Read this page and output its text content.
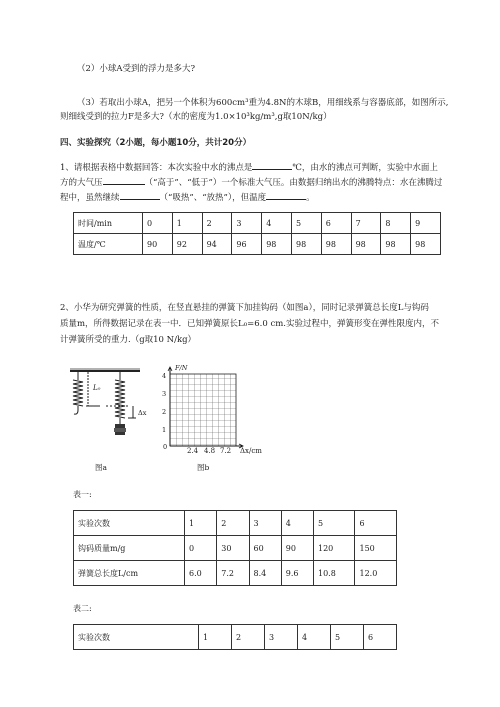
（2）小球A受到的浮力是多大?
（3）若取出小球A，把另一个体积为600cm³重为4.8N的木球B，用细线系与容器底部，如图所示,
则细线受到的拉力F是多大?（水的密度为1.0×10³kg/m³,g取10N/kg）
四、实验探究（2小题，每小题10分，共计20分）
1、请根据表格中数据回答：本次实验中水的沸点是	℃，由水的沸点可判断，实验中水面上
方的大气压	（“高于”、“低于”）一个标准大气压。由数据归纳出水的沸腾特点：水在沸腾过
程中，虽然继续	（“吸热”、“放热”），但温度	。
时间/min	0	1	2	3	4	5	6	7	8	9
温度/℃	90	92	94	96	98	98	98	98	98	98
2、小华为研究弹簧的性质，在竖直悬挂的弹簧下加挂钩码（如图a），同时记录弹簧总长度L与钩码
质量m，所得数据记录在表一中．已知弹簧原长L₀=6.0 cm.实验过程中，弹簧形变在弹性限度内，不
计弹簧所受的重力.（g取10 N/kg）
L₀
Δx
图a
F/N
4
3
2
1
0	2.4 4.8 7.2 Δx/cm
图b
表一:
实验次数	1	2	3	4	5	6
钩码质量m/g	0	30	60	90	120	150
弹簧总长度L/cm	6.0	7.2	8.4	9.6	10.8	12.0
表二:
实验次数	1	2	3	4	5	6
